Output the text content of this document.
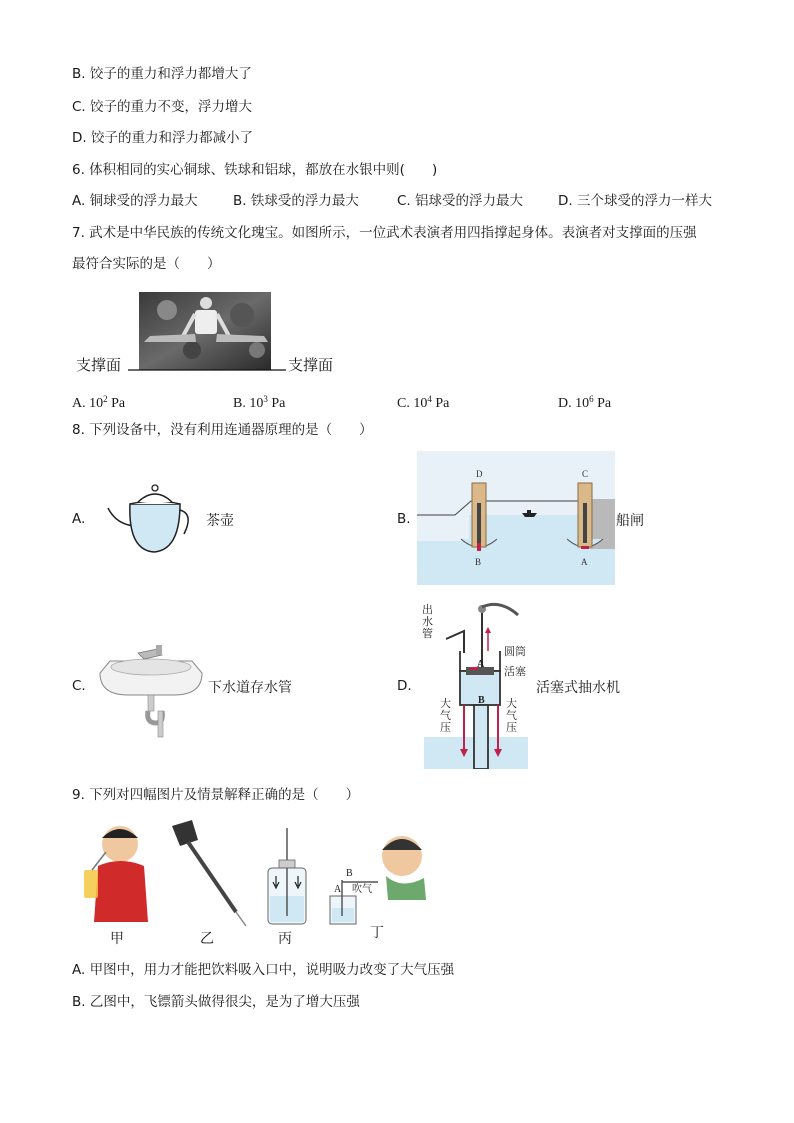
B. 饺子的重力和浮力都增大了
C. 饺子的重力不变，浮力增大
D. 饺子的重力和浮力都减小了
6. 体积相同的实心铜球、铁球和铝球，都放在水银中则(　　)
A. 铜球受的浮力最大	B. 铁球受的浮力最大	C. 铝球受的浮力最大	D. 三个球受的浮力一样大
7. 武术是中华民族的传统文化瑰宝。如图所示，一位武术表演者用四指撑起身体。表演者对支撑面的压强
最符合实际的是（　　）
支撑面	支撑面
A. $10^2$ Pa	B. $10^3$ Pa	C. $10^4$ Pa	D. $10^6$ Pa
8. 下列设备中，没有利用连通器原理的是（　　）
A.	茶壶	B.
D	C
B	A
船闸
C.	下水道存水管	D.
出
水
管
圆筒
活塞
A
B
大
气
压
大
气
压
活塞式抽水机
9. 下列对四幅图片及情景解释正确的是（　　）
B
A 吹气
甲	乙	丙	丁
A. 甲图中，用力才能把饮料吸入口中，说明吸力改变了大气压强
B. 乙图中，飞镖箭头做得很尖，是为了增大压强
